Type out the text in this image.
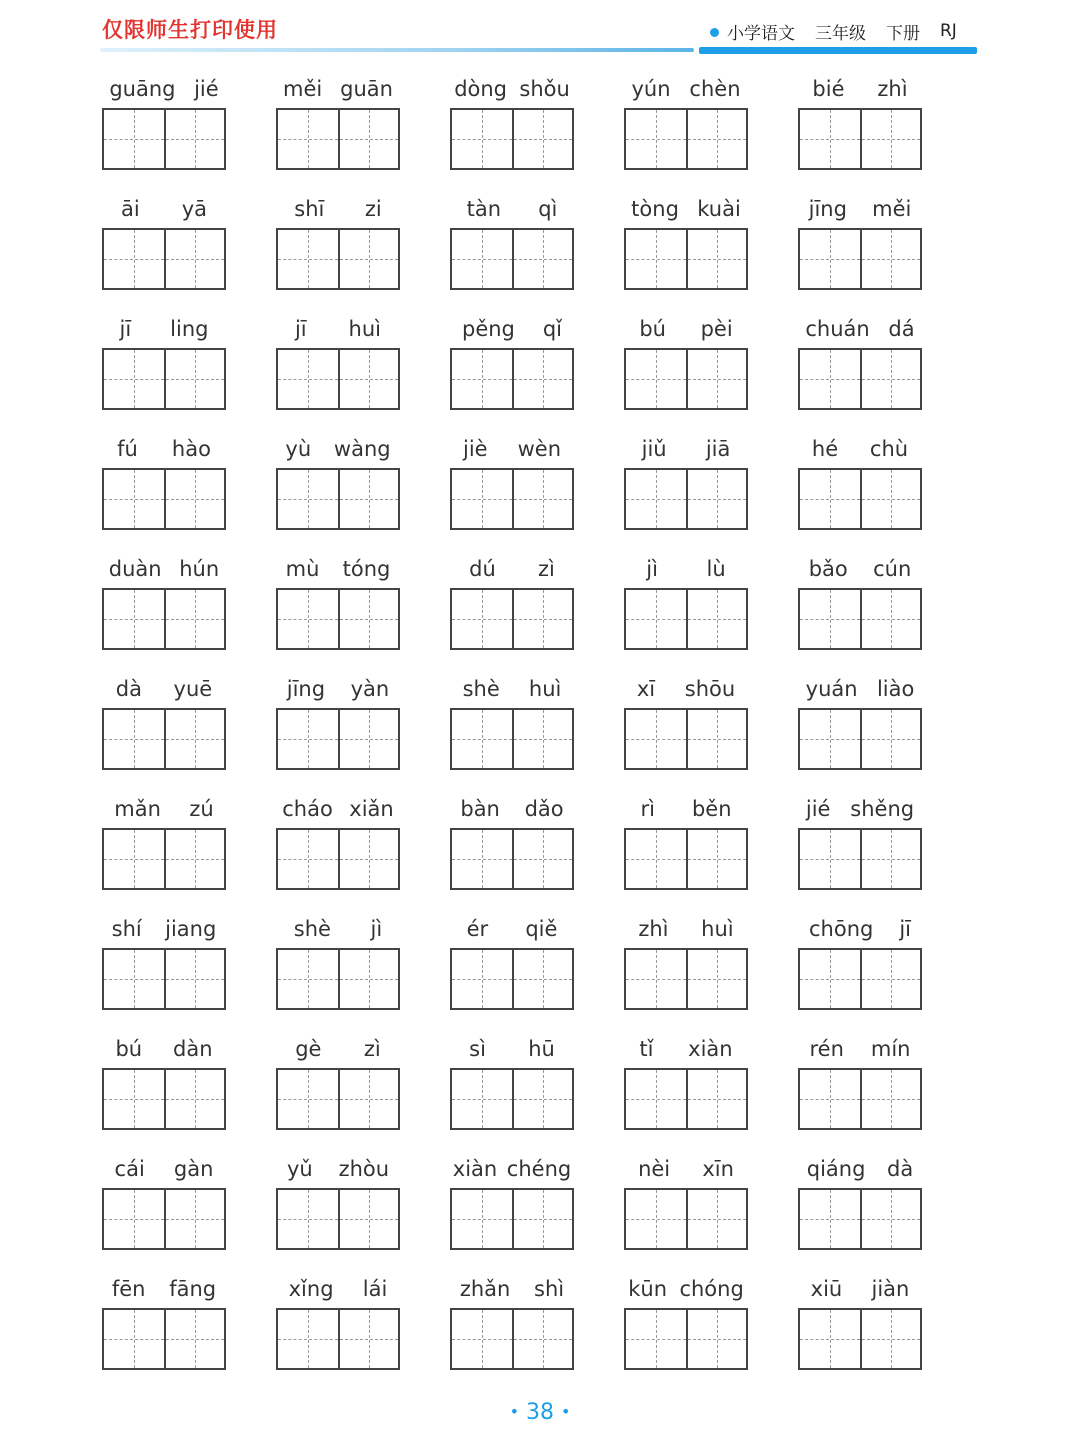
仅限师生打印使用	小学语文 三年级 下册 RJ
guāng jié	měi guān	dòng shǒu	yún chèn	bié zhì
āi yā	shī zi	tàn qì	tòng kuài	jīng měi
jī ling	jī huì	pěng qǐ	bú pèi	chuán dá
fú hào	yù wàng	jiè wèn	jiǔ jiā	hé chù
duàn hún	mù tóng	dú zì	jì lù	bǎo cún
dà yuē	jīng yàn	shè huì	xī shōu	yuán liào
mǎn zú	cháo xiǎn	bàn dǎo	rì běn	jié shěng
shí jiang	shè jì	ér qiě	zhì huì	chōng jī
bú dàn	gè zì	sì hū	tǐ xiàn	rén mín
cái gàn	yǔ zhòu	xiàn chéng	nèi xīn	qiáng dà
fēn fāng	xǐng lái	zhǎn shì	kūn chóng	xiū jiàn
• 38 •
